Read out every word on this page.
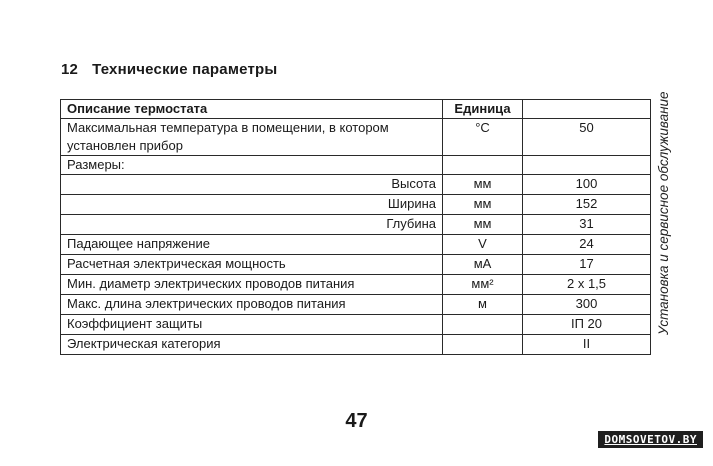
12 Технические параметры
Описание термостата	Единица	
Максимальная температура в помещении, в котором установлен прибор	°C	50
Размеры:		
Высота	мм	100
Ширина	мм	152
Глубина	мм	31
Падающее напряжение	V	24
Расчетная электрическая мощность	мА	17
Мин. диаметр электрических проводов питания	мм²	2 x 1,5
Макс. длина электрических проводов питания	м	300
Коэффициент защиты		IП 20
Электрическая категория		II
Установка и сервисное обслуживание
47
DOMSOVETOV.BY
